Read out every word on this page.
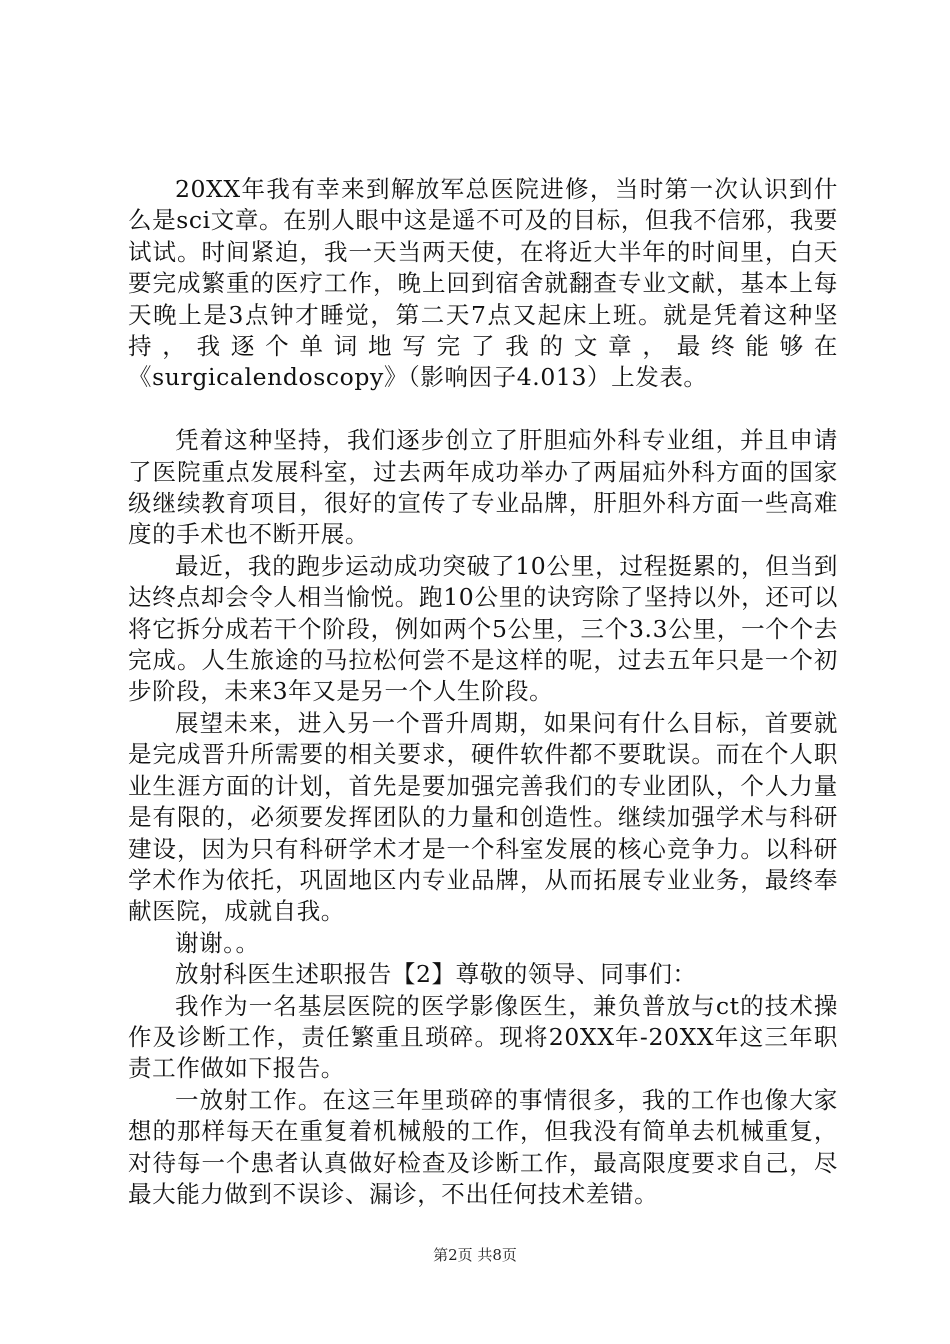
20XX年我有幸来到解放军总医院进修，当时第一次认识到什么是sci文章。在别人眼中这是遥不可及的目标，但我不信邪，我要试试。时间紧迫，我一天当两天使，在将近大半年的时间里，白天要完成繁重的医疗工作，晚上回到宿舍就翻查专业文献，基本上每天晚上是3点钟才睡觉，第二天7点又起床上班。就是凭着这种坚持，我逐个单词地写完了我的文章，最终能够在《surgicalendoscopy》（影响因子4.013）上发表。

凭着这种坚持，我们逐步创立了肝胆疝外科专业组，并且申请了医院重点发展科室，过去两年成功举办了两届疝外科方面的国家级继续教育项目，很好的宣传了专业品牌，肝胆外科方面一些高难度的手术也不断开展。

最近，我的跑步运动成功突破了10公里，过程挺累的，但当到达终点却会令人相当愉悦。跑10公里的诀窍除了坚持以外，还可以将它拆分成若干个阶段，例如两个5公里，三个3.3公里，一个个去完成。人生旅途的马拉松何尝不是这样的呢，过去五年只是一个初步阶段，未来3年又是另一个人生阶段。

展望未来，进入另一个晋升周期，如果问有什么目标，首要就是完成晋升所需要的相关要求，硬件软件都不要耽误。而在个人职业生涯方面的计划，首先是要加强完善我们的专业团队，个人力量是有限的，必须要发挥团队的力量和创造性。继续加强学术与科研建设，因为只有科研学术才是一个科室发展的核心竞争力。以科研学术作为依托，巩固地区内专业品牌，从而拓展专业业务，最终奉献医院，成就自我。

谢谢。。

放射科医生述职报告【2】尊敬的领导、同事们：

我作为一名基层医院的医学影像医生，兼负普放与ct的技术操作及诊断工作，责任繁重且琐碎。现将20XX年-20XX年这三年职责工作做如下报告。

一放射工作。在这三年里琐碎的事情很多，我的工作也像大家想的那样每天在重复着机械般的工作，但我没有简单去机械重复，对待每一个患者认真做好检查及诊断工作，最高限度要求自己，尽最大能力做到不误诊、漏诊，不出任何技术差错。

第2页 共8页
